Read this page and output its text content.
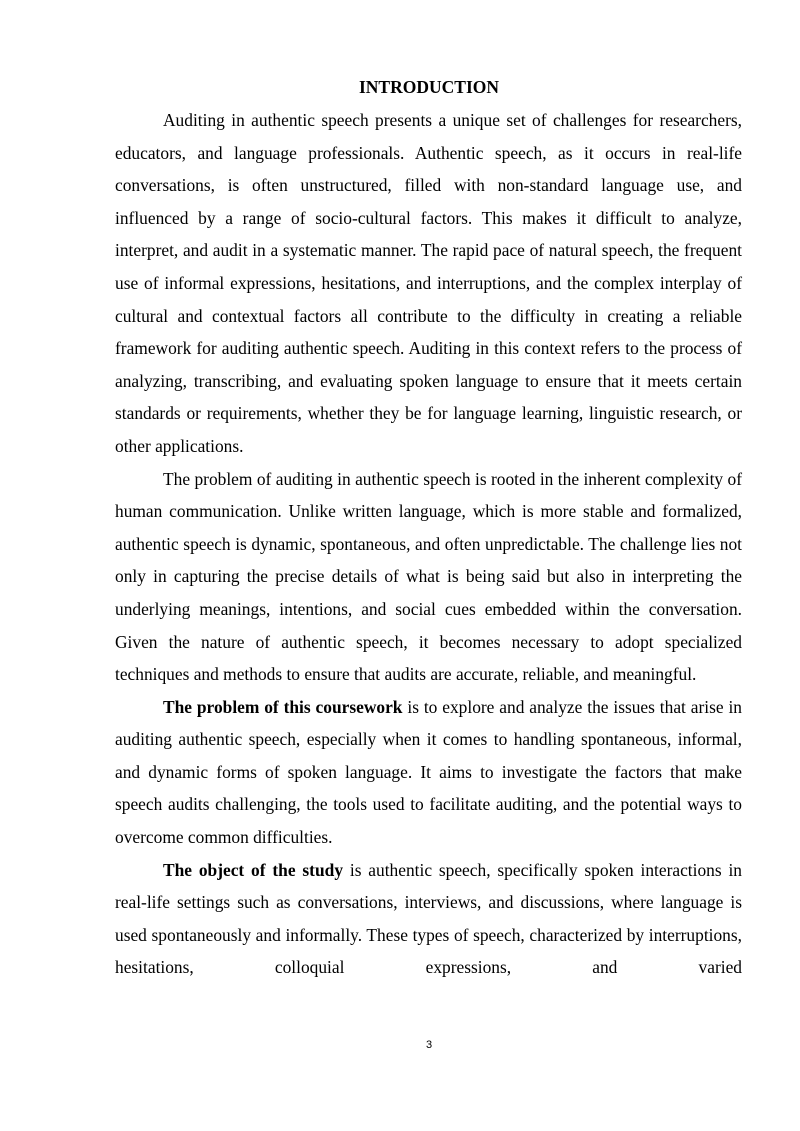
INTRODUCTION

Auditing in authentic speech presents a unique set of challenges for researchers, educators, and language professionals. Authentic speech, as it occurs in real-life conversations, is often unstructured, filled with non-standard language use, and influenced by a range of socio-cultural factors. This makes it difficult to analyze, interpret, and audit in a systematic manner. The rapid pace of natural speech, the frequent use of informal expressions, hesitations, and interruptions, and the complex interplay of cultural and contextual factors all contribute to the difficulty in creating a reliable framework for auditing authentic speech. Auditing in this context refers to the process of analyzing, transcribing, and evaluating spoken language to ensure that it meets certain standards or requirements, whether they be for language learning, linguistic research, or other applications.

The problem of auditing in authentic speech is rooted in the inherent complexity of human communication. Unlike written language, which is more stable and formalized, authentic speech is dynamic, spontaneous, and often unpredictable. The challenge lies not only in capturing the precise details of what is being said but also in interpreting the underlying meanings, intentions, and social cues embedded within the conversation. Given the nature of authentic speech, it becomes necessary to adopt specialized techniques and methods to ensure that audits are accurate, reliable, and meaningful.

The problem of this coursework is to explore and analyze the issues that arise in auditing authentic speech, especially when it comes to handling spontaneous, informal, and dynamic forms of spoken language. It aims to investigate the factors that make speech audits challenging, the tools used to facilitate auditing, and the potential ways to overcome common difficulties.

The object of the study is authentic speech, specifically spoken interactions in real-life settings such as conversations, interviews, and discussions, where language is used spontaneously and informally. These types of speech, characterized by interruptions, hesitations, colloquial expressions, and varied

3
